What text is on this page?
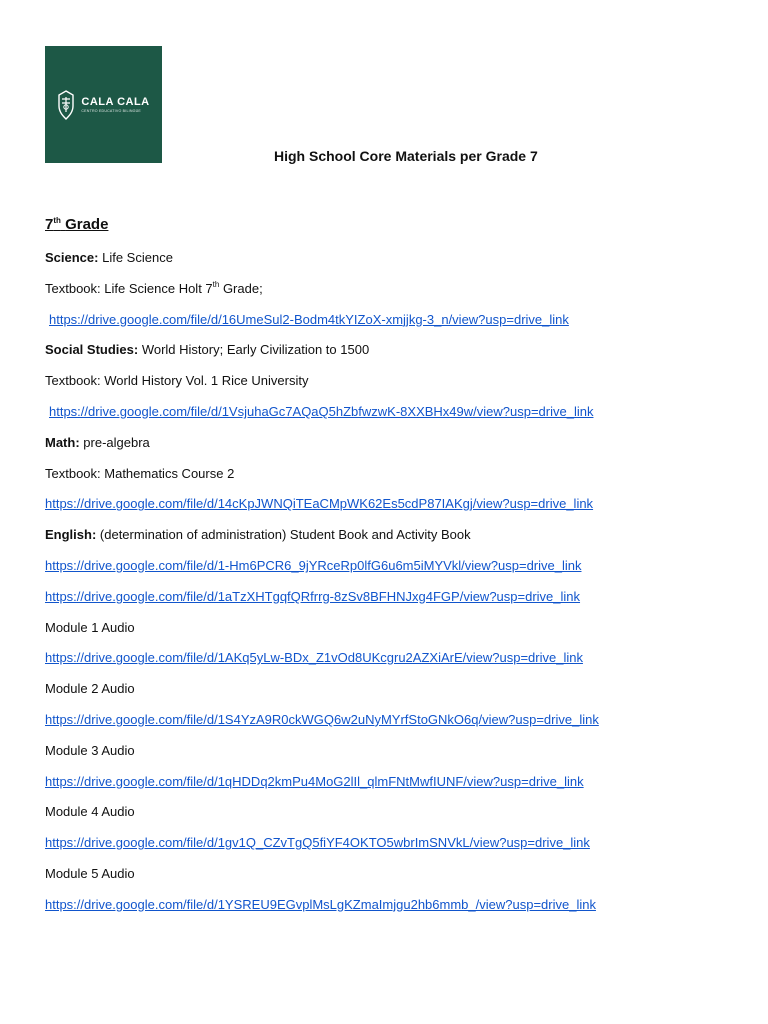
CALA CALA
CENTRO EDUCATIVO BILINGÜE
High School Core Materials per Grade 7
7th Grade
Science: Life Science
Textbook: Life Science Holt 7th Grade;
https://drive.google.com/file/d/16UmeSul2-Bodm4tkYIZoX-xmjjkg-3_n/view?usp=drive_link
Social Studies: World History; Early Civilization to 1500
Textbook: World History Vol. 1 Rice University
https://drive.google.com/file/d/1VsjuhaGc7AQaQ5hZbfwzwK-8XXBHx49w/view?usp=drive_link
Math: pre-algebra
Textbook: Mathematics Course 2
https://drive.google.com/file/d/14cKpJWNQiTEaCMpWK62Es5cdP87IAKgj/view?usp=drive_link
English: (determination of administration) Student Book and Activity Book
https://drive.google.com/file/d/1-Hm6PCR6_9jYRceRp0lfG6u6m5iMYVkl/view?usp=drive_link
https://drive.google.com/file/d/1aTzXHTgqfQRfrrg-8zSv8BFHNJxg4FGP/view?usp=drive_link
Module 1 Audio
https://drive.google.com/file/d/1AKq5yLw-BDx_Z1vOd8UKcgru2AZXiArE/view?usp=drive_link
Module 2 Audio
https://drive.google.com/file/d/1S4YzA9R0ckWGQ6w2uNyMYrfStoGNkO6q/view?usp=drive_link
Module 3 Audio
https://drive.google.com/file/d/1qHDDq2kmPu4MoG2lIl_qlmFNtMwfIUNF/view?usp=drive_link
Module 4 Audio
https://drive.google.com/file/d/1gv1Q_CZvTgQ5fiYF4OKTO5wbrImSNVkL/view?usp=drive_link
Module 5 Audio
https://drive.google.com/file/d/1YSREU9EGvplMsLgKZmaImjgu2hb6mmb_/view?usp=drive_link
